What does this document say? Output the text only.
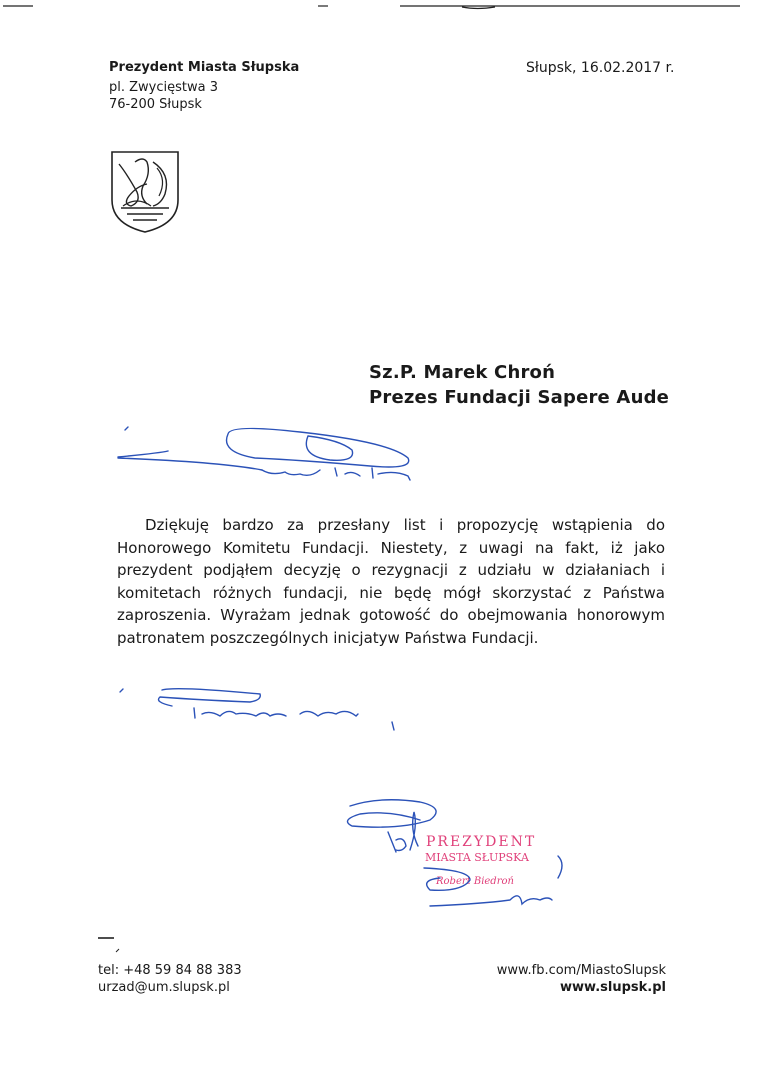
Prezydent Miasta Słupska
pl. Zwycięstwa 3
76-200 Słupsk
Słupsk, 16.02.2017 r.
Sz.P. Marek Chroń
Prezes Fundacji Sapere Aude

Dziękuję bardzo za przesłany list i propozycję wstąpienia do Honorowego Komitetu Fundacji. Niestety, z uwagi na fakt, iż jako prezydent podjąłem decyzję o rezygnacji z udziału w działaniach i komitetach różnych fundacji, nie będę mógł skorzystać z Państwa zaproszenia. Wyrażam jednak gotowość do obejmowania honorowym patronatem poszczególnych inicjatyw Państwa Fundacji.

PREZYDENT
MIASTA SŁUPSKA
Robert Biedroń
tel: +48 59 84 88 383
urzad@um.slupsk.pl
www.fb.com/MiastoSlupsk
www.slupsk.pl
